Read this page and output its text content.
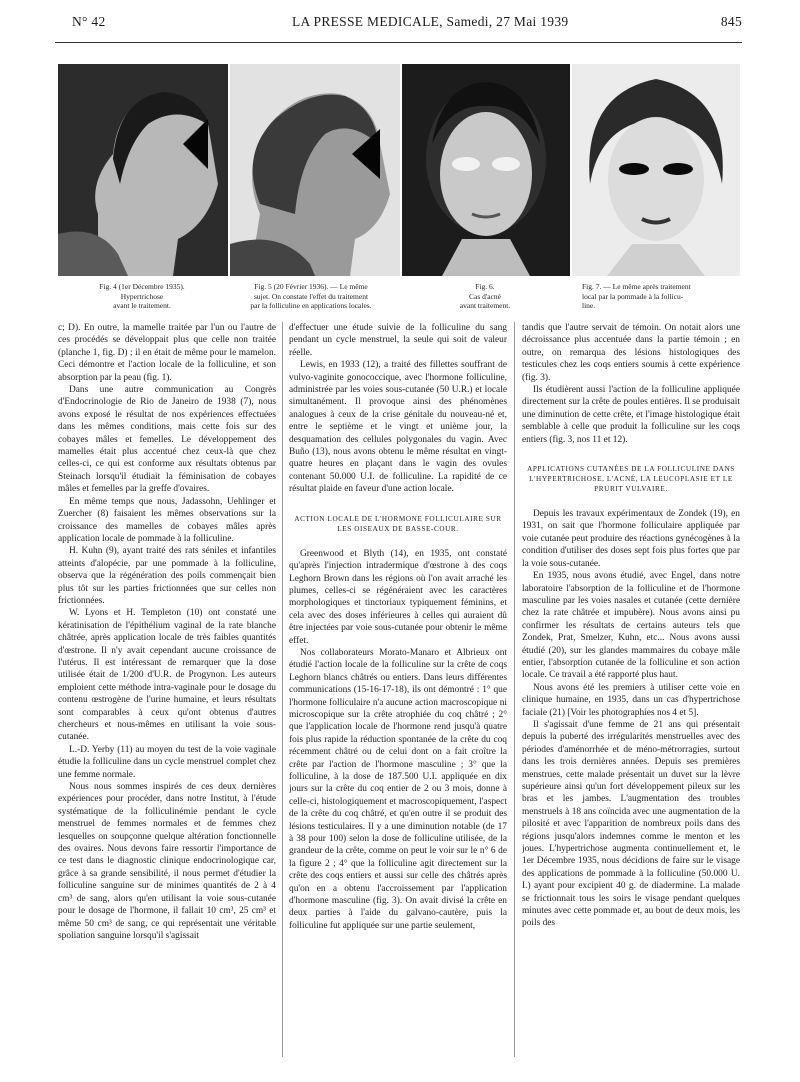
N° 42	LA PRESSE MEDICALE, Samedi, 27 Mai 1939	845
Fig. 4 (1er Décembre 1935).
Hypertrichose
avant le traitement.
Fig. 5 (20 Février 1936). — Le même
sujet. On constate l'effet du traitement
par la folliculine en applications locales.
Fig. 6.
Cas d'acné
avant traitement.
Fig. 7. — Le même après traitement
local par la pommade à la follicu-
line.

c; D). En outre, la mamelle traitée par l'un ou l'autre de ces procédés se développait plus que celle non traitée (planche 1, fig. D) ; il en était de même pour le mamelon. Ceci démontre et l'action locale de la folliculine, et son absorption par la peau (fig. 1).

Dans une autre communication au Congrès d'Endocrinologie de Rio de Janeiro de 1938 (7), nous avons exposé le résultat de nos expériences effectuées dans les mêmes conditions, mais cette fois sur des cobayes mâles et femelles. Le développement des mamelles était plus accentué chez ceux-là que chez celles-ci, ce qui est conforme aux résultats obtenus par Steinach lorsqu'il étudiait la féminisation de cobayes mâles et femelles par la greffe d'ovaires.

En même temps que nous, Jadassohn, Uehlinger et Zuercher (8) faisaient les mêmes observations sur la croissance des mamelles de cobayes mâles après application locale de pommade à la folliculine.

H. Kuhn (9), ayant traité des rats séniles et infantiles atteints d'alopécie, par une pommade à la folliculine, observa que la régénération des poils commençait bien plus tôt sur les parties frictionnées que sur celles non frictionnées.

W. Lyons et H. Templeton (10) ont constaté une kératinisation de l'épithélium vaginal de la rate blanche châtrée, après application locale de très faibles quantités d'œstrone. Il n'y avait cependant aucune croissance de l'utérus. Il est intéressant de remarquer que la dose utilisée était de 1/200 d'U.R. de Progynon. Les auteurs emploient cette méthode intra-vaginale pour le dosage du contenu œstrogène de l'urine humaine, et leurs résultats sont comparables à ceux qu'ont obtenus d'autres chercheurs et nous-mêmes en utilisant la voie sous-cutanée.

L.-D. Yerby (11) au moyen du test de la voie vaginale étudie la folliculine dans un cycle menstruel complet chez une femme normale.

Nous nous sommes inspirés de ces deux dernières expériences pour procéder, dans notre Institut, à l'étude systématique de la folliculinémie pendant le cycle menstruel de femmes normales et de femmes chez lesquelles on soupçonne quelque altération fonctionnelle des ovaires. Nous devons faire ressortir l'importance de ce test dans le diagnostic clinique endocrinologique car, grâce à sa grande sensibilité, il nous permet d'étudier la folliculine sanguine sur de minimes quantités de 2 à 4 cm³ de sang, alors qu'en utilisant la voie sous-cutanée pour le dosage de l'hormone, il fallait 10 cm³, 25 cm³ et même 50 cm³ de sang, ce qui représentait une véritable spoliation sanguine lorsqu'il s'agissait

d'effectuer une étude suivie de la folliculine du sang pendant un cycle menstruel, la seule qui soit de valeur réelle.

Lewis, en 1933 (12), a traité des fillettes souffrant de vulvo-vaginite gonococcique, avec l'hormone folliculine, administrée par les voies sous-cutanée (50 U.R.) et locale simultanément. Il provoque ainsi des phénomènes analogues à ceux de la crise génitale du nouveau-né et, entre le septième et le vingt et unième jour, la desquamation des cellules polygonales du vagin. Avec Buño (13), nous avons obtenu le même résultat en vingt-quatre heures en plaçant dans le vagin des ovules contenant 50.000 U.I. de folliculine. La rapidité de ce résultat plaide en faveur d'une action locale.

ACTION LOCALE DE L'HORMONE FOLLICULAIRE SUR LES OISEAUX DE BASSE-COUR.

Greenwood et Blyth (14), en 1935, ont constaté qu'après l'injection intradermique d'œstrone à des coqs Leghorn Brown dans les régions où l'on avait arraché les plumes, celles-ci se régénéraient avec les caractères morphologiques et tinctoriaux typiquement féminins, et cela avec des doses inférieures à celles qui auraient dû être injectées par voie sous-cutanée pour obtenir le même effet.

Nos collaborateurs Morato-Manaro et Albrieux ont étudié l'action locale de la folliculine sur la crête de coqs Leghorn blancs châtrés ou entiers. Dans leurs différentes communications (15-16-17-18), ils ont démontré : 1° que l'hormone folliculaire n'a aucune action macroscopique ni microscopique sur la crête atrophiée du coq châtré ; 2° que l'application locale de l'hormone rend jusqu'à quatre fois plus rapide la réduction spontanée de la crête du coq récemment châtré ou de celui dont on a fait croître la crête par l'action de l'hormone masculine ; 3° que la folliculine, à la dose de 187.500 U.I. appliquée en dix jours sur la crête du coq entier de 2 ou 3 mois, donne à celle-ci, histologiquement et macroscopiquement, l'aspect de la crête du coq châtré, et qu'en outre il se produit des lésions testiculaires. Il y a une diminution notable (de 17 à 38 pour 100) selon la dose de folliculine utilisée, de la grandeur de la crête, comme on peut le voir sur le n° 6 de la figure 2 ; 4° que la folliculine agit directement sur la crête des coqs entiers et aussi sur celle des châtrés après qu'on en a obtenu l'accroissement par l'application d'hormone masculine (fig. 3). On avait divisé la crête en deux parties à l'aide du galvano-cautère, puis la folliculine fut appliquée sur une partie seulement,

tandis que l'autre servait de témoin. On notait alors une décroissance plus accentuée dans la partie témoin ; en outre, on remarqua des lésions histologiques des testicules chez les coqs entiers soumis à cette expérience (fig. 3).

Ils étudièrent aussi l'action de la folliculine appliquée directement sur la crête de poules entières. Il se produisait une diminution de cette crête, et l'image histologique était semblable à celle que produit la folliculine sur les coqs entiers (fig. 3, nos 11 et 12).

APPLICATIONS CUTANÉES DE LA FOLLICULINE DANS L'HYPERTRICHOSE, L'ACNÉ, LA LEUCOPLASIE ET LE PRURIT VULVAIRE.

Depuis les travaux expérimentaux de Zondek (19), en 1931, on sait que l'hormone folliculaire appliquée par voie cutanée peut produire des réactions gynécogènes à la condition d'utiliser des doses sept fois plus fortes que par la voie sous-cutanée.

En 1935, nous avons étudié, avec Engel, dans notre laboratoire l'absorption de la folliculine et de l'hormone masculine par les voies nasales et cutanée (cette dernière chez la rate châtrée et impubère). Nous avons ainsi pu confirmer les résultats de certains auteurs tels que Zondek, Prat, Smelzer, Kuhn, etc... Nous avons aussi étudié (20), sur les glandes mammaires du cobaye mâle entier, l'absorption cutanée de la folliculine et son action locale. Ce travail a été rapporté plus haut.

Nous avons été les premiers à utiliser cette voie en clinique humaine, en 1935, dans un cas d'hypertrichose faciale (21) [Voir les photographies nos 4 et 5].

Il s'agissait d'une femme de 21 ans qui présentait depuis la puberté des irrégularités menstruelles avec des périodes d'aménorrhée et de méno-métrorragies, surtout dans les trois dernières années. Depuis ses premières menstrues, cette malade présentait un duvet sur la lèvre supérieure ainsi qu'un fort développement pileux sur les bras et les jambes. L'augmentation des troubles menstruels à 18 ans coïncida avec une augmentation de la pilosité et avec l'apparition de nombreux poils dans des régions jusqu'alors indemnes comme le menton et les joues. L'hypertrichose augmenta continuellement et, le 1er Décembre 1935, nous décidions de faire sur le visage des applications de pommade à la folliculine (50.000 U. I.) ayant pour excipient 40 g. de diadermine. La malade se frictionnait tous les soirs le visage pendant quelques minutes avec cette pommade et, au bout de deux mois, les poils des
